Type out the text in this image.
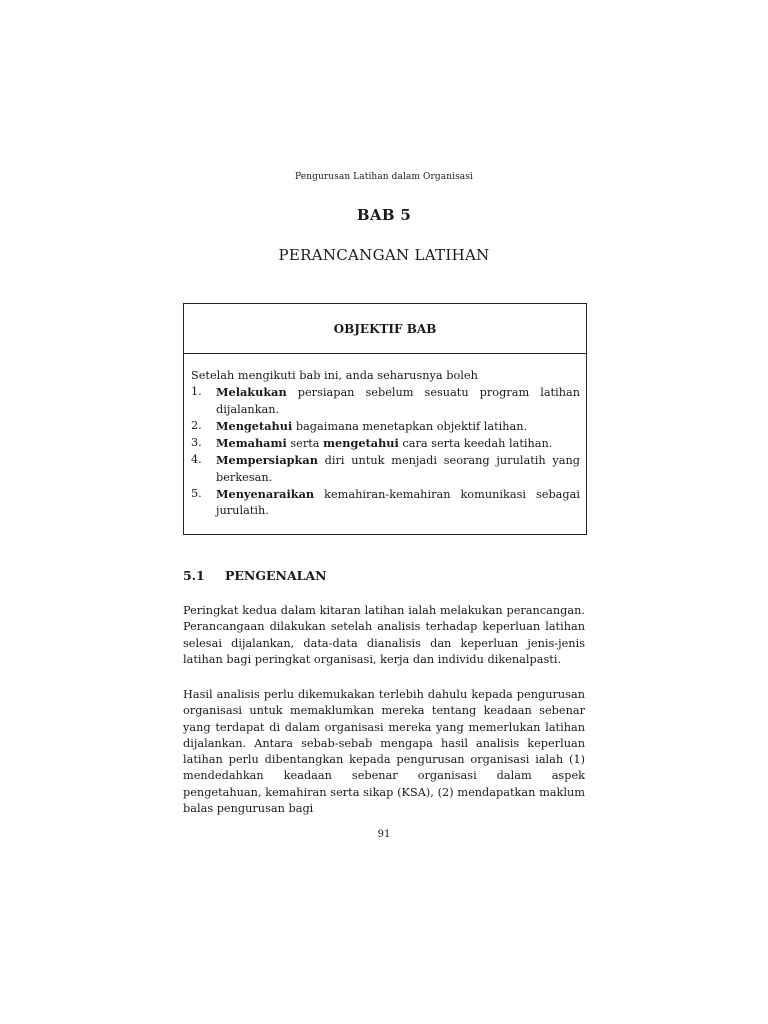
Pengurusan Latihan dalam Organisasi
BAB 5
PERANCANGAN LATIHAN
OBJEKTIF BAB
Setelah mengikuti bab ini, anda seharusnya boleh
1.	Melakukan persiapan sebelum sesuatu program latihan dijalankan.
2.	Mengetahui bagaimana menetapkan objektif latihan.
3.	Memahami serta mengetahui cara serta keedah latihan.
4.	Mempersiapkan diri untuk menjadi seorang jurulatih yang berkesan.
5.	Menyenaraikan kemahiran-kemahiran komunikasi sebagai jurulatih.
5.1	PENGENALAN

Peringkat kedua dalam kitaran latihan ialah melakukan perancangan. Perancangaan dilakukan setelah analisis terhadap keperluan latihan selesai dijalankan, data-data dianalisis dan keperluan jenis-jenis latihan bagi peringkat organisasi, kerja dan individu dikenalpasti.

Hasil analisis perlu dikemukakan terlebih dahulu kepada pengurusan organisasi untuk memaklumkan mereka tentang keadaan sebenar yang terdapat di dalam organisasi mereka yang memerlukan latihan dijalankan. Antara sebab-sebab mengapa hasil analisis keperluan latihan perlu dibentangkan kepada pengurusan organisasi ialah (1) mendedahkan keadaan sebenar organisasi dalam aspek pengetahuan, kemahiran serta sikap (KSA), (2) mendapatkan maklum balas pengurusan bagi

91
